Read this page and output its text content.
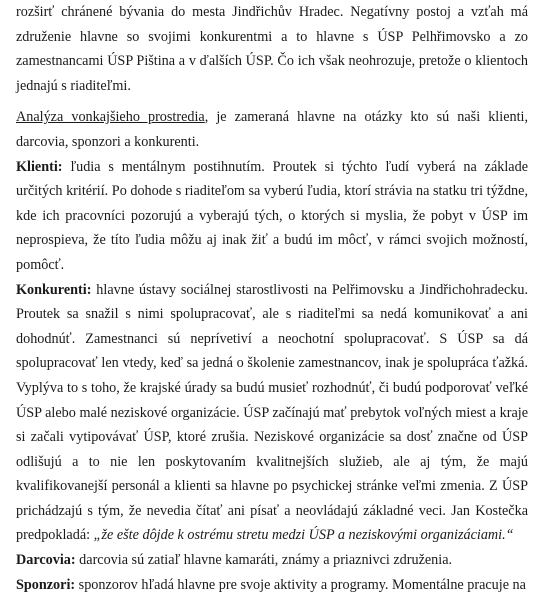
rozširť chránené bývania do mesta Jindřichův Hradec. Negatívny postoj a vzťah má združenie hlavne so svojimi konkurentmi a to hlavne s ÚSP Pelhřimovsko a zo zamestnancami ÚSP Piština a v ďalších ÚSP. Čo ich však neohrozuje, pretože o klientoch jednajú s riaditeľmi.

Analýza vonkajšieho prostredia, je zameraná hlavne na otázky kto sú naši klienti, darcovia, sponzori a konkurenti.

Klienti: ľudia s mentálnym postihnutím. Proutek si týchto ľudí vyberá na základe určitých kritérií. Po dohode s riaditeľom sa vyberú ľudia, ktorí strávia na statku tri týždne, kde ich pracovníci pozorujú a vyberajú tých, o ktorých si myslia, že pobyt v ÚSP im neprospieva, že títo ľudia môžu aj inak žiť a budú im môcť, v rámci svojich možností, pomôcť.

Konkurenti: hlavne ústavy sociálnej starostlivosti na Pelřimovsku a Jindřichohradecku. Proutek sa snažil s nimi spolupracovať, ale s riaditeľmi sa nedá komunikovať a ani dohodnúť. Zamestnanci sú neprívetiví a neochotní spolupracovať. S ÚSP sa dá spolupracovať len vtedy, keď sa jedná o školenie zamestnancov, inak je spolupráca ťažká. Vyplýva to s toho, že krajské úrady sa budú musieť rozhodnúť, či budú podporovať veľké ÚSP alebo malé neziskové organizácie. ÚSP začínajú mať prebytok voľných miest a kraje si začali vytipovávať ÚSP, ktoré zrušia. Neziskové organizácie sa dosť značne od ÚSP odlišujú a to nie len poskytovaním kvalitnejších služieb, ale aj tým, že majú kvalifikovanejší personál a klienti sa hlavne po psychickej stránke veľmi zmenia. Z ÚSP prichádzajú s tým, že nevedia čítať ani písať a neovládajú základné veci. Jan Kostečka predpokladá: „že ešte dôjde k ostrému stretu medzi ÚSP a neziskovými organizáciami.“

Darcovia: darcovia sú zatiaľ hlavne kamaráti, známy a priaznivci združenia.

Sponzori: sponzorov hľadá hlavne pre svoje aktivity a programy. Momentálne pracuje na
